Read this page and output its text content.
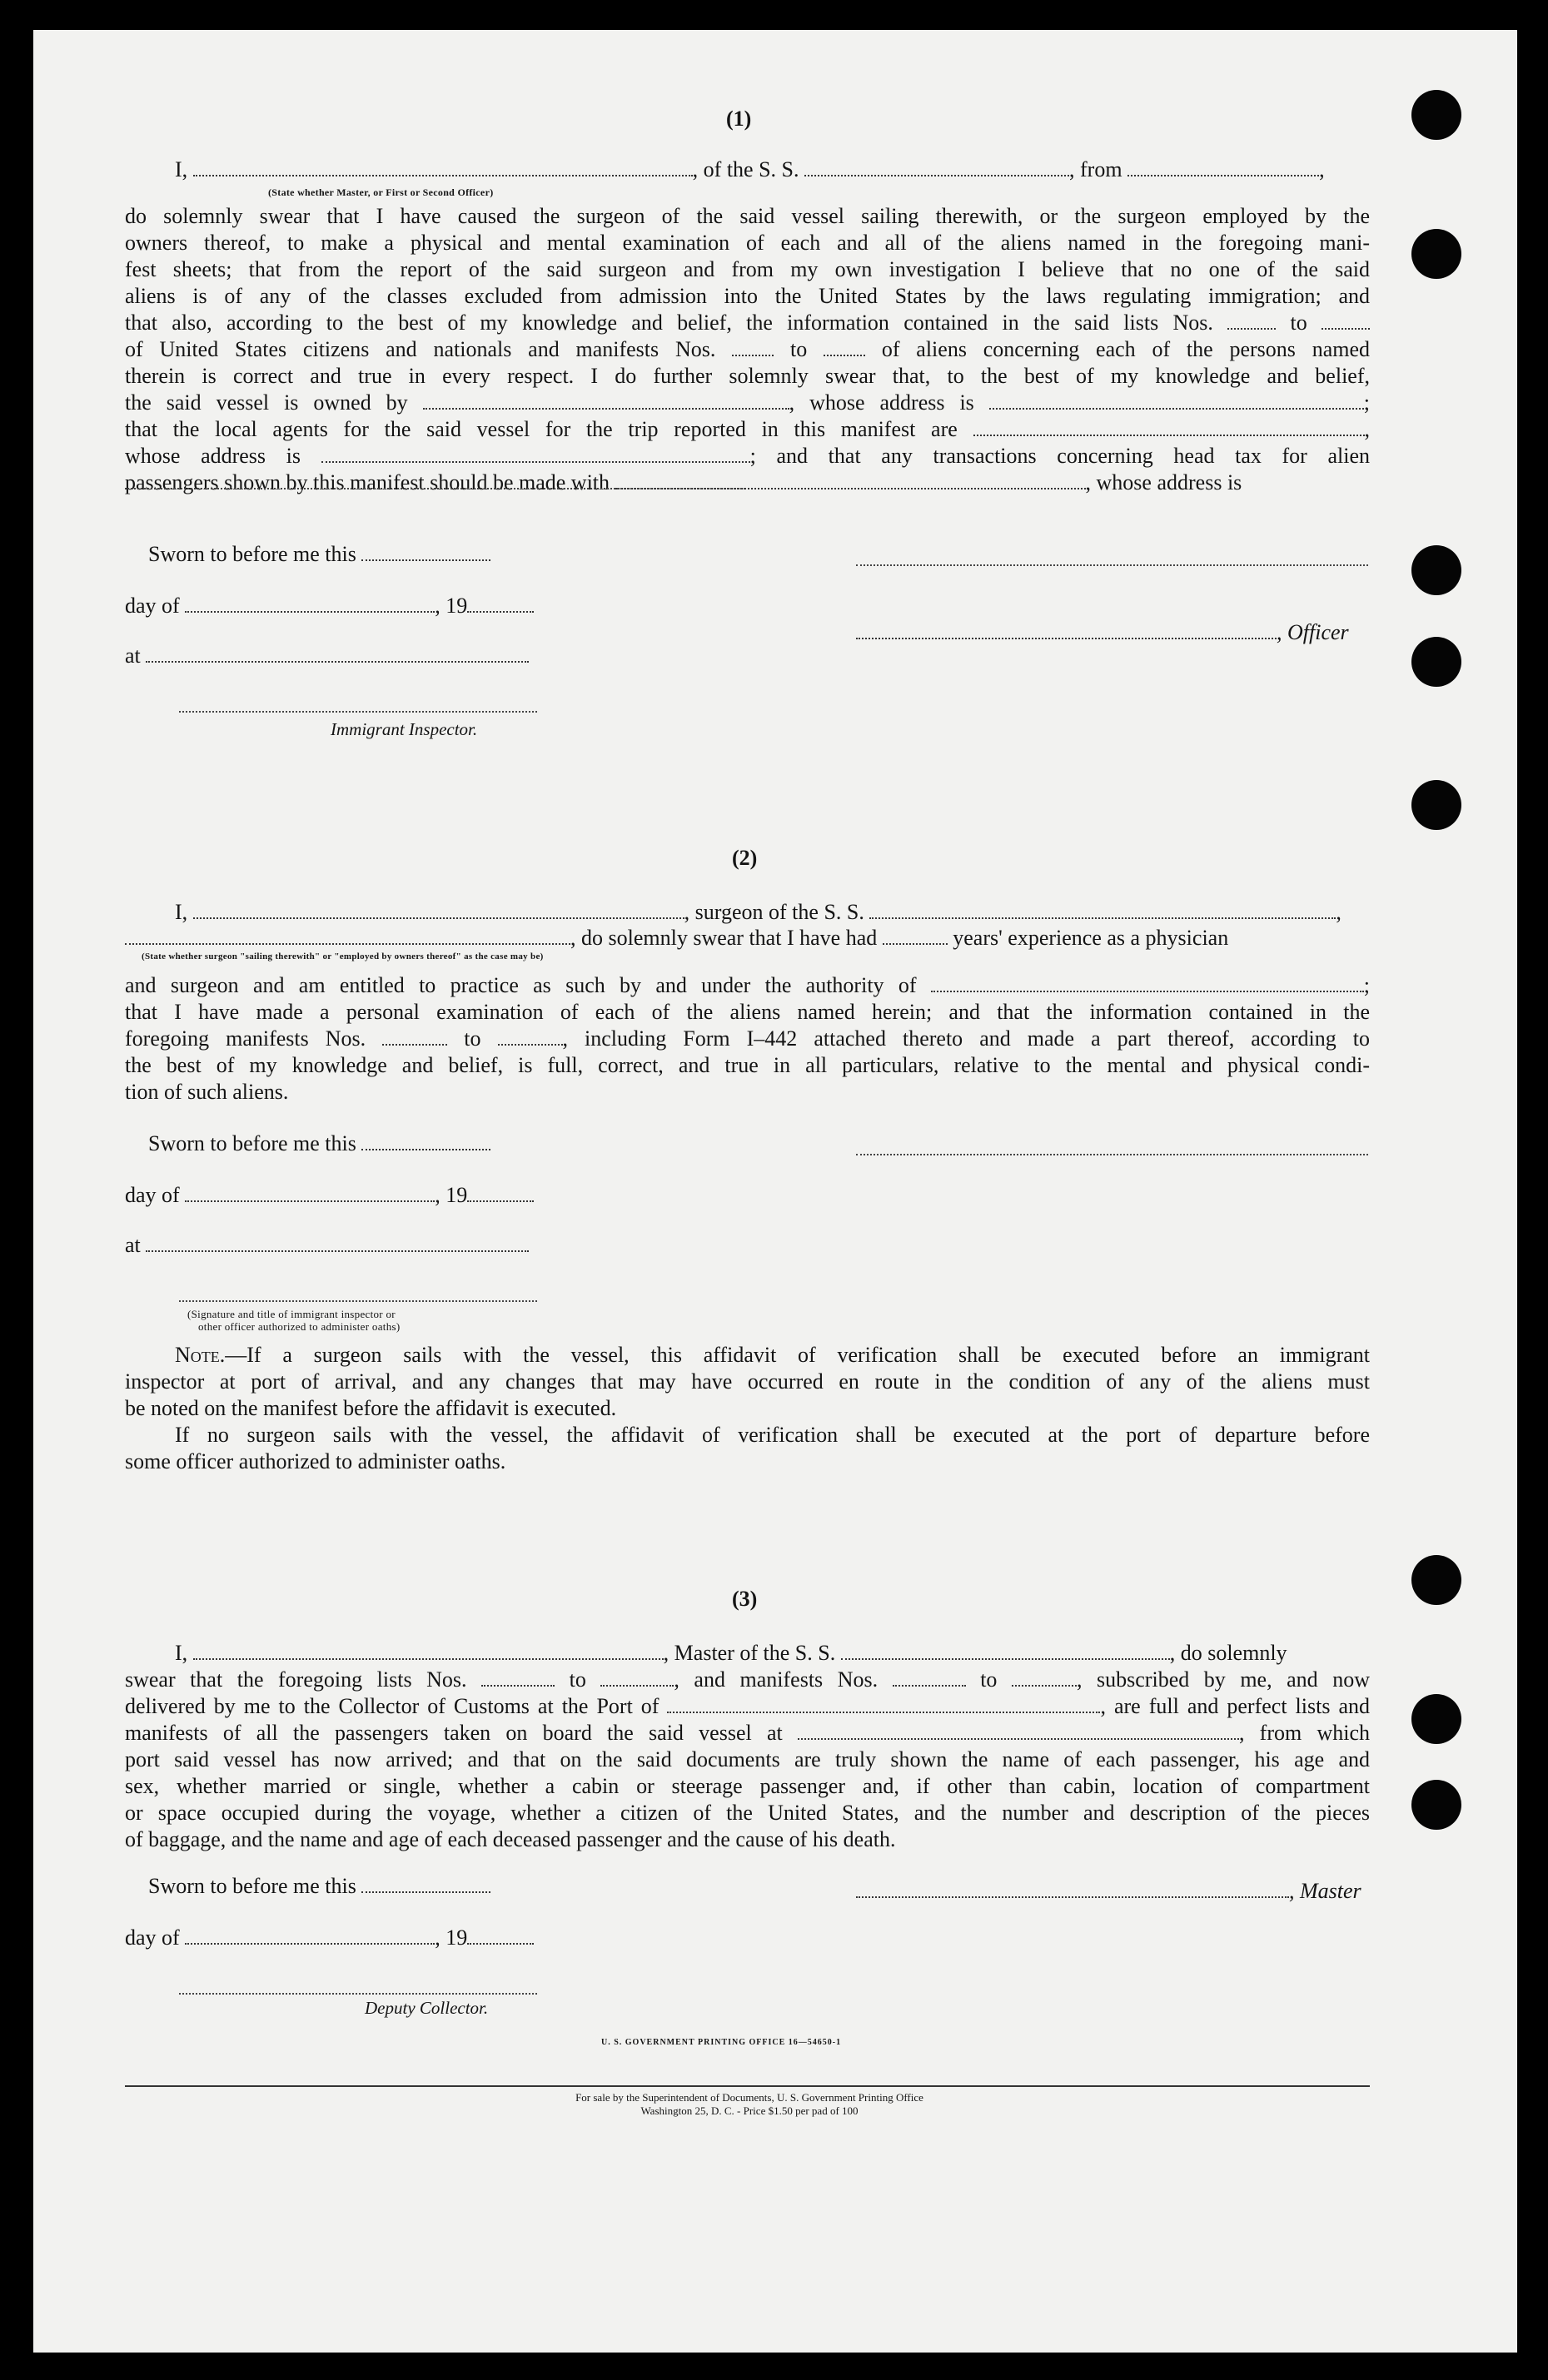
(1)
I,	, of the S. S.	, from	,
(State whether Master, or First or Second Officer)
do solemnly swear that I have caused the surgeon of the said vessel sailing therewith, or the surgeon employed by the
owners thereof, to make a physical and mental examination of each and all of the aliens named in the foregoing mani-
fest sheets; that from the report of the said surgeon and from my own investigation I believe that no one of the said
aliens is of any of the classes excluded from admission into the United States by the laws regulating immigration; and
that also, according to the best of my knowledge and belief, the information contained in the said lists Nos.	to
of United States citizens and nationals and manifests Nos.	to	of aliens concerning each of the persons named
therein is correct and true in every respect. I do further solemnly swear that, to the best of my knowledge and belief,
the said vessel is owned by	, whose address is	;
that the local agents for the said vessel for the trip reported in this manifest are	,
whose address is	; and that any transactions concerning head tax for alien
passengers shown by this manifest should be made with	, whose address is
Sworn to before me this
day of	, 19
, Officer
at
Immigrant Inspector.
(2)
I,	, surgeon of the S. S.	,
, do solemnly swear that I have had	years' experience as a physician
(State whether surgeon "sailing therewith" or "employed by owners thereof" as the case may be)
and surgeon and am entitled to practice as such by and under the authority of	;
that I have made a personal examination of each of the aliens named herein; and that the information contained in the
foregoing manifests Nos.	to	, including Form I–442 attached thereto and made a part thereof, according to
the best of my knowledge and belief, is full, correct, and true in all particulars, relative to the mental and physical condi-
tion of such aliens.
Sworn to before me this
day of	, 19
at
(Signature and title of immigrant inspector or
other officer authorized to administer oaths)
Note.—If a surgeon sails with the vessel, this affidavit of verification shall be executed before an immigrant
inspector at port of arrival, and any changes that may have occurred en route in the condition of any of the aliens must
be noted on the manifest before the affidavit is executed.
If no surgeon sails with the vessel, the affidavit of verification shall be executed at the port of departure before
some officer authorized to administer oaths.
(3)
I,	, Master of the S. S.	, do solemnly
swear that the foregoing lists Nos.	to	, and manifests Nos.	to	, subscribed by me, and now
delivered by me to the Collector of Customs at the Port of	, are full and perfect lists and
manifests of all the passengers taken on board the said vessel at	, from which
port said vessel has now arrived; and that on the said documents are truly shown the name of each passenger, his age and
sex, whether married or single, whether a cabin or steerage passenger and, if other than cabin, location of compartment
or space occupied during the voyage, whether a citizen of the United States, and the number and description of the pieces
of baggage, and the name and age of each deceased passenger and the cause of his death.
Sworn to before me this	, Master
day of	, 19
Deputy Collector.
U. S. GOVERNMENT PRINTING OFFICE 16—54650-1
For sale by the Superintendent of Documents, U. S. Government Printing Office
Washington 25, D. C. - Price $1.50 per pad of 100
